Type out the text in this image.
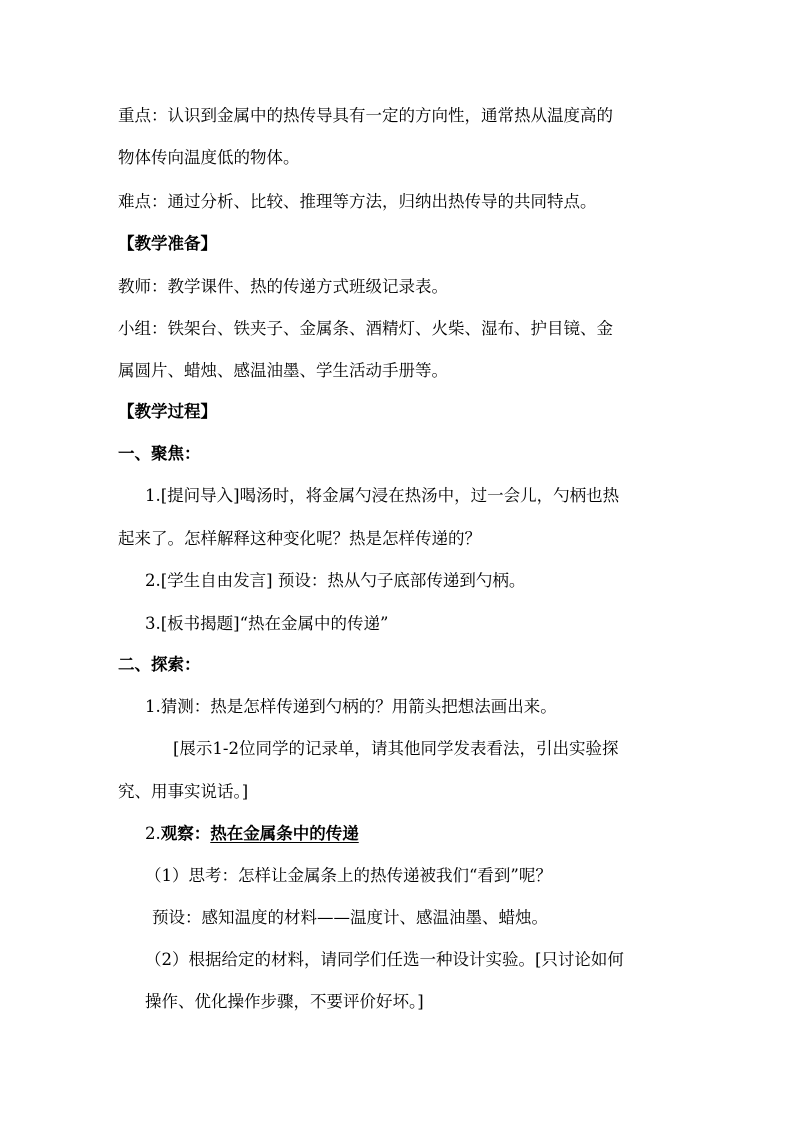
重点：认识到金属中的热传导具有一定的方向性，通常热从温度高的
物体传向温度低的物体。
难点：通过分析、比较、推理等方法，归纳出热传导的共同特点。
【教学准备】
教师：教学课件、热的传递方式班级记录表。
小组：铁架台、铁夹子、金属条、酒精灯、火柴、湿布、护目镜、金
属圆片、蜡烛、感温油墨、学生活动手册等。
【教学过程】
一、聚焦：
1.[提问导入]喝汤时，将金属勺浸在热汤中，过一会儿，勺柄也热
起来了。怎样解释这种变化呢？热是怎样传递的？
2.[学生自由发言] 预设：热从勺子底部传递到勺柄。
3.[板书揭题]“热在金属中的传递”
二、探索：
1.猜测：热是怎样传递到勺柄的？用箭头把想法画出来。
[展示1-2位同学的记录单，请其他同学发表看法，引出实验探
究、用事实说话。]
2.观察：热在金属条中的传递
（1）思考：怎样让金属条上的热传递被我们“看到”呢？
预设：感知温度的材料——温度计、感温油墨、蜡烛。
（2）根据给定的材料，请同学们任选一种设计实验。[只讨论如何
操作、优化操作步骤，不要评价好坏。]
